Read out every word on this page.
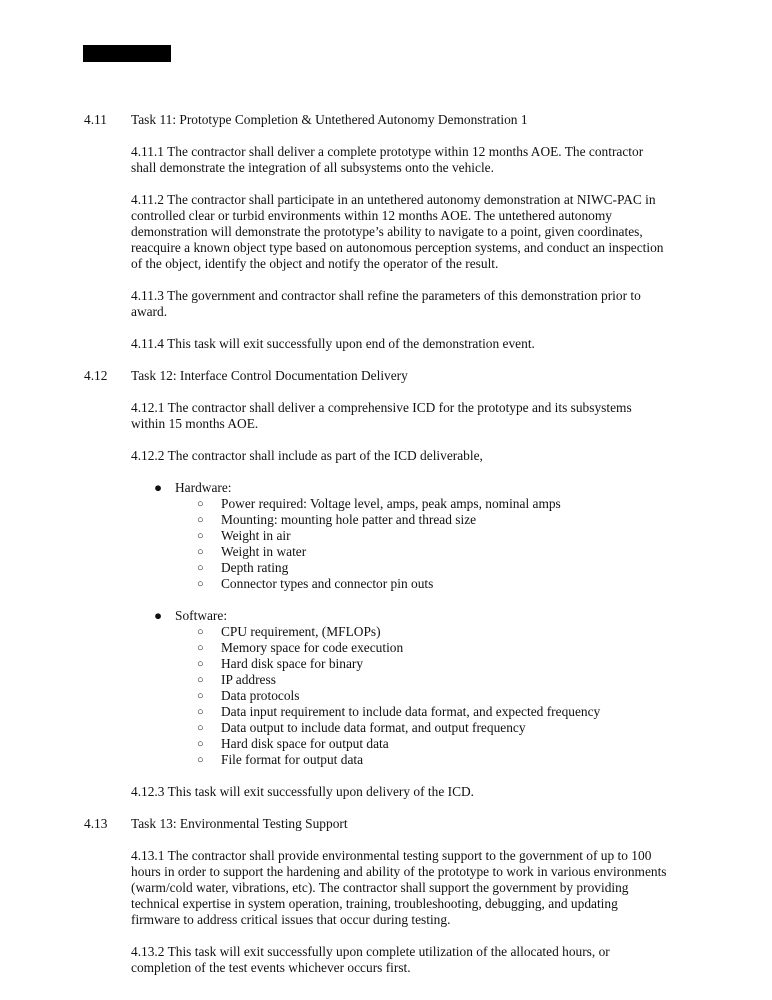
4.11 Task 11: Prototype Completion & Untethered Autonomy Demonstration 1
4.11.1 The contractor shall deliver a complete prototype within 12 months AOE. The contractor
shall demonstrate the integration of all subsystems onto the vehicle.
4.11.2 The contractor shall participate in an untethered autonomy demonstration at NIWC-PAC in
controlled clear or turbid environments within 12 months AOE. The untethered autonomy
demonstration will demonstrate the prototype’s ability to navigate to a point, given coordinates,
reacquire a known object type based on autonomous perception systems, and conduct an inspection
of the object, identify the object and notify the operator of the result.
4.11.3 The government and contractor shall refine the parameters of this demonstration prior to
award.
4.11.4 This task will exit successfully upon end of the demonstration event.
4.12 Task 12: Interface Control Documentation Delivery
4.12.1 The contractor shall deliver a comprehensive ICD for the prototype and its subsystems
within 15 months AOE.
4.12.2 The contractor shall include as part of the ICD deliverable,
● Hardware:
○ Power required: Voltage level, amps, peak amps, nominal amps
○ Mounting: mounting hole patter and thread size
○ Weight in air
○ Weight in water
○ Depth rating
○ Connector types and connector pin outs
● Software:
○ CPU requirement, (MFLOPs)
○ Memory space for code execution
○ Hard disk space for binary
○ IP address
○ Data protocols
○ Data input requirement to include data format, and expected frequency
○ Data output to include data format, and output frequency
○ Hard disk space for output data
○ File format for output data
4.12.3 This task will exit successfully upon delivery of the ICD.
4.13 Task 13: Environmental Testing Support
4.13.1 The contractor shall provide environmental testing support to the government of up to 100
hours in order to support the hardening and ability of the prototype to work in various environments
(warm/cold water, vibrations, etc). The contractor shall support the government by providing
technical expertise in system operation, training, troubleshooting, debugging, and updating
firmware to address critical issues that occur during testing.
4.13.2 This task will exit successfully upon complete utilization of the allocated hours, or
completion of the test events whichever occurs first.
